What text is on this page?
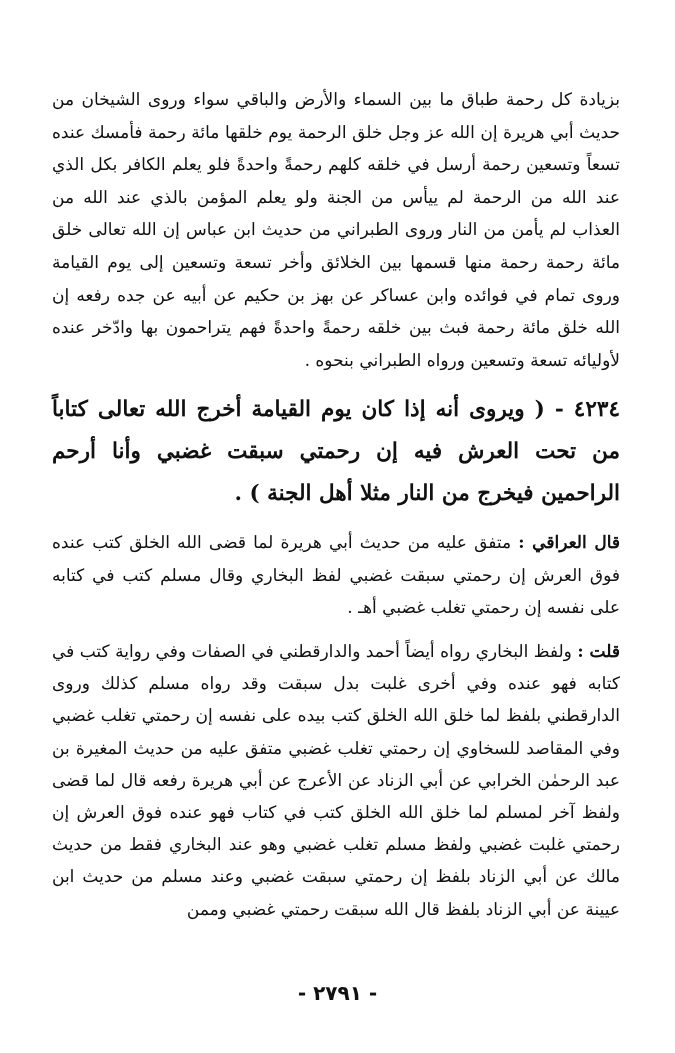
بزيادة كل رحمة طباق ما بين السماء والأرض والباقي سواء وروى الشيخان من حديث أبي هريرة إن الله عز وجل خلق الرحمة يوم خلقها مائة رحمة فأمسك عنده تسعاً وتسعين رحمة أرسل في خلقه كلهم رحمةً واحدةً فلو يعلم الكافر بكل الذي عند الله من الرحمة لم ييأس من الجنة ولو يعلم المؤمن بالذي عند الله من العذاب لم يأمن من النار وروى الطبراني من حديث ابن عباس إن الله تعالى خلق مائة رحمة رحمة منها قسمها بين الخلائق وأخر تسعة وتسعين إلى يوم القيامة وروى تمام في فوائده وابن عساكر عن بهز بن حكيم عن أبيه عن جده رفعه إن الله خلق مائة رحمة فبث بين خلقه رحمةً واحدةً فهم يتراحمون بها وادّخر عنده لأوليائه تسعة وتسعين ورواه الطبراني بنحوه .

٤٢٣٤ - ( ويروى أنه إذا كان يوم القيامة أخرج الله تعالى كتاباً من تحت العرش فيه إن رحمتي سبقت غضبي وأنا أرحم الراحمين فيخرج من النار مثلا أهل الجنة ) .

قال العراقي : متفق عليه من حديث أبي هريرة لما قضى الله الخلق كتب عنده فوق العرش إن رحمتي سبقت غضبي لفظ البخاري وقال مسلم كتب في كتابه على نفسه إن رحمتي تغلب غضبي أهـ .

قلت : ولفظ البخاري رواه أيضاً أحمد والدارقطني في الصفات وفي رواية كتب في كتابه فهو عنده وفي أخرى غلبت بدل سبقت وقد رواه مسلم كذلك وروى الدارقطني بلفظ لما خلق الله الخلق كتب بيده على نفسه إن رحمتي تغلب غضبي وفي المقاصد للسخاوي إن رحمتي تغلب غضبي متفق عليه من حديث المغيرة بن عبد الرحمٰن الخرابي عن أبي الزناد عن الأعرج عن أبي هريرة رفعه قال لما قضى ولفظ آخر لمسلم لما خلق الله الخلق كتب في كتاب فهو عنده فوق العرش إن رحمتي غلبت غضبي ولفظ مسلم تغلب غضبي وهو عند البخاري فقط من حديث مالك عن أبي الزناد بلفظ إن رحمتي سبقت غضبي وعند مسلم من حديث ابن عيينة عن أبي الزناد بلفظ قال الله سبقت رحمتي غضبي وممن

- ٢٧٩١ -
